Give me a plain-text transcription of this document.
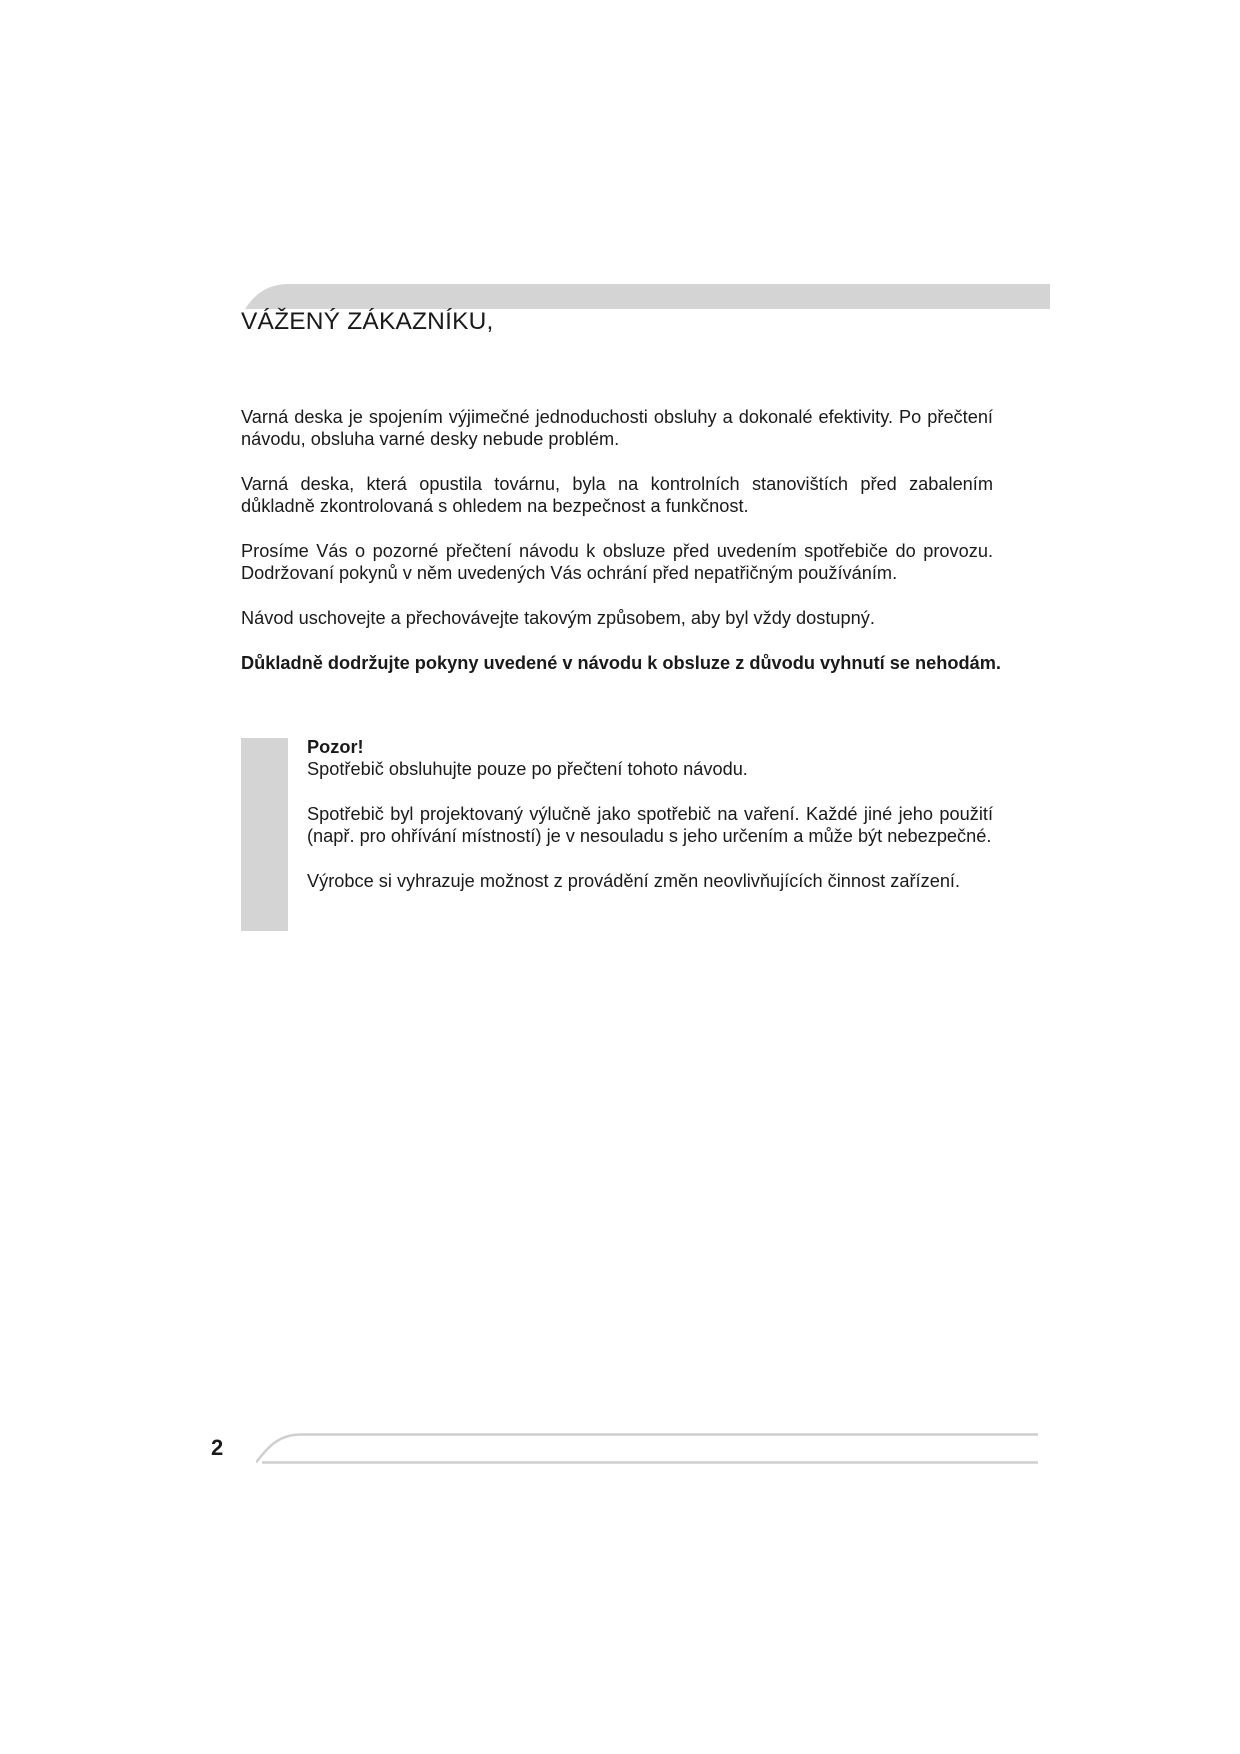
VÁŽENÝ ZÁKAZNÍKU,

Varná deska je spojením výjimečné jednoduchosti obsluhy a dokonalé efektivity. Po přečtení návodu, obsluha varné desky nebude problém.

Varná deska, která opustila továrnu, byla na kontrolních stanovištích před zabalením důkladně zkontrolovaná s ohledem na bezpečnost a funkčnost.

Prosíme Vás o pozorné přečtení návodu k obsluze před uvedením spotřebiče do provozu. Dodržovaní pokynů v něm uvedených Vás ochrání před nepatřičným používáním.

Návod uschovejte a přechovávejte takovým způsobem, aby byl vždy dostupný.

Důkladně dodržujte pokyny uvedené v návodu k obsluze z důvodu vyhnutí se nehodám.

Pozor!
Spotřebič obsluhujte pouze po přečtení tohoto návodu.

Spotřebič byl projektovaný výlučně jako spotřebič na vaření. Každé jiné jeho použití (např. pro ohřívání místností) je v nesouladu s jeho určením a může být nebezpečné.

Výrobce si vyhrazuje možnost z provádění změn neovlivňujících činnost zařízení.

2
